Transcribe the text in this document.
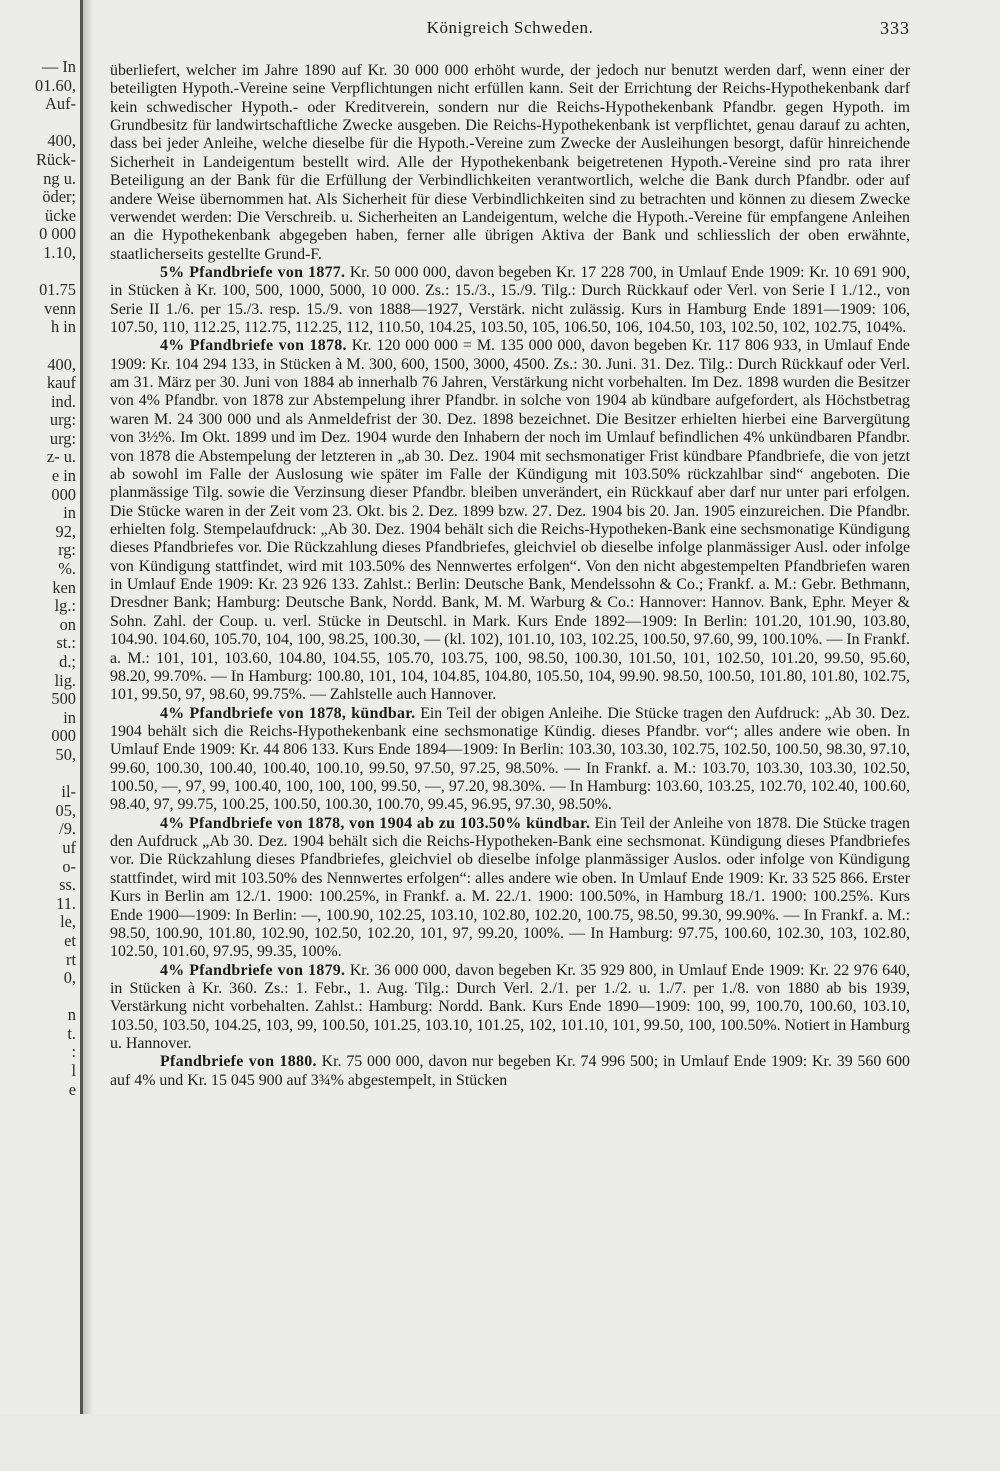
— In
01.60,
Auf-
400,
Rück-
ng u.
öder;
ücke
0 000
1.10,
01.75
venn
h in
400,
kauf
ind.
urg:
urg:
z- u.
e in
000
in
92,
rg:
%.
ken
lg.:
on
st.:
d.;
lig.
500
in
000
50,
il-
05,
/9.
uf
o-
ss.
11.
le,
et
rt
0,
n
t.
:
l
e
Königreich Schweden.	333

überliefert, welcher im Jahre 1890 auf Kr. 30 000 000 erhöht wurde, der jedoch nur benutzt werden darf, wenn einer der beteiligten Hypoth.-Vereine seine Verpflichtungen nicht erfüllen kann. Seit der Errichtung der Reichs-Hypothekenbank darf kein schwedischer Hypoth.- oder Kreditverein, sondern nur die Reichs-Hypothekenbank Pfandbr. gegen Hypoth. im Grundbesitz für landwirtschaftliche Zwecke ausgeben. Die Reichs-Hypothekenbank ist verpflichtet, genau darauf zu achten, dass bei jeder Anleihe, welche dieselbe für die Hypoth.-Vereine zum Zwecke der Ausleihungen besorgt, dafür hinreichende Sicherheit in Landeigentum bestellt wird. Alle der Hypothekenbank beigetretenen Hypoth.-Vereine sind pro rata ihrer Beteiligung an der Bank für die Erfüllung der Verbindlichkeiten verantwortlich, welche die Bank durch Pfandbr. oder auf andere Weise übernommen hat. Als Sicherheit für diese Verbindlichkeiten sind zu betrachten und können zu diesem Zwecke verwendet werden: Die Verschreib. u. Sicherheiten an Landeigentum, welche die Hypoth.-Vereine für empfangene Anleihen an die Hypothekenbank abgegeben haben, ferner alle übrigen Aktiva der Bank und schliesslich der oben erwähnte, staatlicherseits gestellte Grund-F.

5% Pfandbriefe von 1877. Kr. 50 000 000, davon begeben Kr. 17 228 700, in Umlauf Ende 1909: Kr. 10 691 900, in Stücken à Kr. 100, 500, 1000, 5000, 10 000. Zs.: 15./3., 15./9. Tilg.: Durch Rückkauf oder Verl. von Serie I 1./12., von Serie II 1./6. per 15./3. resp. 15./9. von 1888—1927, Verstärk. nicht zulässig. Kurs in Hamburg Ende 1891—1909: 106, 107.50, 110, 112.25, 112.75, 112.25, 112, 110.50, 104.25, 103.50, 105, 106.50, 106, 104.50, 103, 102.50, 102, 102.75, 104%.

4% Pfandbriefe von 1878. Kr. 120 000 000 = M. 135 000 000, davon begeben Kr. 117 806 933, in Umlauf Ende 1909: Kr. 104 294 133, in Stücken à M. 300, 600, 1500, 3000, 4500. Zs.: 30. Juni. 31. Dez. Tilg.: Durch Rückkauf oder Verl. am 31. März per 30. Juni von 1884 ab innerhalb 76 Jahren, Verstärkung nicht vorbehalten. Im Dez. 1898 wurden die Besitzer von 4% Pfandbr. von 1878 zur Abstempelung ihrer Pfandbr. in solche von 1904 ab kündbare aufgefordert, als Höchstbetrag waren M. 24 300 000 und als Anmeldefrist der 30. Dez. 1898 bezeichnet. Die Besitzer erhielten hierbei eine Barvergütung von 3½%. Im Okt. 1899 und im Dez. 1904 wurde den Inhabern der noch im Umlauf befindlichen 4% unkündbaren Pfandbr. von 1878 die Abstempelung der letzteren in „ab 30. Dez. 1904 mit sechsmonatiger Frist kündbare Pfandbriefe, die von jetzt ab sowohl im Falle der Auslosung wie später im Falle der Kündigung mit 103.50% rückzahlbar sind“ angeboten. Die planmässige Tilg. sowie die Verzinsung dieser Pfandbr. bleiben unverändert, ein Rückkauf aber darf nur unter pari erfolgen. Die Stücke waren in der Zeit vom 23. Okt. bis 2. Dez. 1899 bzw. 27. Dez. 1904 bis 20. Jan. 1905 einzureichen. Die Pfandbr. erhielten folg. Stempelaufdruck: „Ab 30. Dez. 1904 behält sich die Reichs-Hypotheken-Bank eine sechsmonatige Kündigung dieses Pfandbriefes vor. Die Rückzahlung dieses Pfandbriefes, gleichviel ob dieselbe infolge planmässiger Ausl. oder infolge von Kündigung stattfindet, wird mit 103.50% des Nennwertes erfolgen“. Von den nicht abgestempelten Pfandbriefen waren in Umlauf Ende 1909: Kr. 23 926 133. Zahlst.: Berlin: Deutsche Bank, Mendelssohn & Co.; Frankf. a. M.: Gebr. Bethmann, Dresdner Bank; Hamburg: Deutsche Bank, Nordd. Bank, M. M. Warburg & Co.: Hannover: Hannov. Bank, Ephr. Meyer & Sohn. Zahl. der Coup. u. verl. Stücke in Deutschl. in Mark. Kurs Ende 1892—1909: In Berlin: 101.20, 101.90, 103.80, 104.90. 104.60, 105.70, 104, 100, 98.25, 100.30, — (kl. 102), 101.10, 103, 102.25, 100.50, 97.60, 99, 100.10%. — In Frankf. a. M.: 101, 101, 103.60, 104.80, 104.55, 105.70, 103.75, 100, 98.50, 100.30, 101.50, 101, 102.50, 101.20, 99.50, 95.60, 98.20, 99.70%. — In Hamburg: 100.80, 101, 104, 104.85, 104.80, 105.50, 104, 99.90. 98.50, 100.50, 101.80, 101.80, 102.75, 101, 99.50, 97, 98.60, 99.75%. — Zahlstelle auch Hannover.

4% Pfandbriefe von 1878, kündbar. Ein Teil der obigen Anleihe. Die Stücke tragen den Aufdruck: „Ab 30. Dez. 1904 behält sich die Reichs-Hypothekenbank eine sechsmonatige Kündig. dieses Pfandbr. vor“; alles andere wie oben. In Umlauf Ende 1909: Kr. 44 806 133. Kurs Ende 1894—1909: In Berlin: 103.30, 103.30, 102.75, 102.50, 100.50, 98.30, 97.10, 99.60, 100.30, 100.40, 100.40, 100.10, 99.50, 97.50, 97.25, 98.50%. — In Frankf. a. M.: 103.70, 103.30, 103.30, 102.50, 100.50, —, 97, 99, 100.40, 100, 100, 100, 99.50, —, 97.20, 98.30%. — In Hamburg: 103.60, 103.25, 102.70, 102.40, 100.60, 98.40, 97, 99.75, 100.25, 100.50, 100.30, 100.70, 99.45, 96.95, 97.30, 98.50%.

4% Pfandbriefe von 1878, von 1904 ab zu 103.50% kündbar. Ein Teil der Anleihe von 1878. Die Stücke tragen den Aufdruck „Ab 30. Dez. 1904 behält sich die Reichs-Hypotheken-Bank eine sechsmonat. Kündigung dieses Pfandbriefes vor. Die Rückzahlung dieses Pfandbriefes, gleichviel ob dieselbe infolge planmässiger Auslos. oder infolge von Kündigung stattfindet, wird mit 103.50% des Nennwertes erfolgen“: alles andere wie oben. In Umlauf Ende 1909: Kr. 33 525 866. Erster Kurs in Berlin am 12./1. 1900: 100.25%, in Frankf. a. M. 22./1. 1900: 100.50%, in Hamburg 18./1. 1900: 100.25%. Kurs Ende 1900—1909: In Berlin: —, 100.90, 102.25, 103.10, 102.80, 102.20, 100.75, 98.50, 99.30, 99.90%. — In Frankf. a. M.: 98.50, 100.90, 101.80, 102.90, 102.50, 102.20, 101, 97, 99.20, 100%. — In Hamburg: 97.75, 100.60, 102.30, 103, 102.80, 102.50, 101.60, 97.95, 99.35, 100%.

4% Pfandbriefe von 1879. Kr. 36 000 000, davon begeben Kr. 35 929 800, in Umlauf Ende 1909: Kr. 22 976 640, in Stücken à Kr. 360. Zs.: 1. Febr., 1. Aug. Tilg.: Durch Verl. 2./1. per 1./2. u. 1./7. per 1./8. von 1880 ab bis 1939, Verstärkung nicht vorbehalten. Zahlst.: Hamburg: Nordd. Bank. Kurs Ende 1890—1909: 100, 99, 100.70, 100.60, 103.10, 103.50, 103.50, 104.25, 103, 99, 100.50, 101.25, 103.10, 101.25, 102, 101.10, 101, 99.50, 100, 100.50%. Notiert in Hamburg u. Hannover.

Pfandbriefe von 1880. Kr. 75 000 000, davon nur begeben Kr. 74 996 500; in Umlauf Ende 1909: Kr. 39 560 600 auf 4% und Kr. 15 045 900 auf 3¾% abgestempelt, in Stücken
